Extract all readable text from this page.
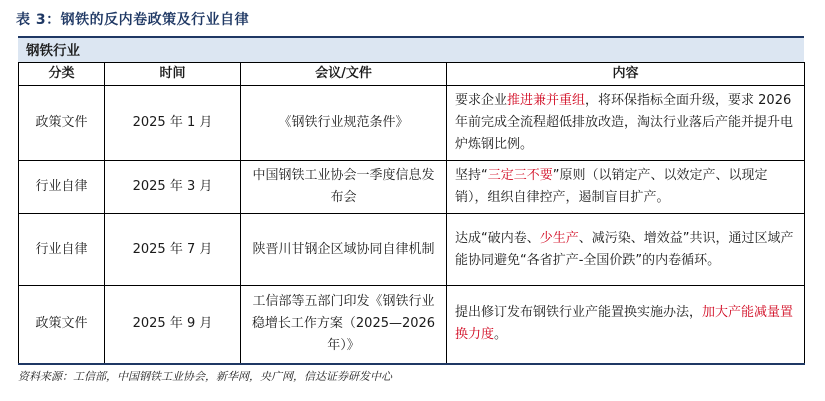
表 3：钢铁的反内卷政策及行业自律
钢铁行业
分类	时间	会议/文件	内容
政策文件	2025 年 1 月	《钢铁行业规范条件》	要求企业推进兼并重组，将环保指标全面升级，要求 2026 年前完成全流程超低排放改造，淘汰行业落后产能并提升电炉炼钢比例。
行业自律	2025 年 3 月	中国钢铁工业协会一季度信息发布会	坚持“三定三不要”原则（以销定产、以效定产、以现定销），组织自律控产，遏制盲目扩产。
行业自律	2025 年 7 月	陕晋川甘钢企区域协同自律机制	达成“破内卷、少生产、减污染、增效益”共识，通过区域产能协同避免“各省扩产-全国价跌”的内卷循环。
政策文件	2025 年 9 月	工信部等五部门印发《钢铁行业稳增长工作方案（2025—2026 年）》	提出修订发布钢铁行业产能置换实施办法，加大产能减量置换力度。
资料来源：工信部，中国钢铁工业协会，新华网，央广网，信达证券研发中心
